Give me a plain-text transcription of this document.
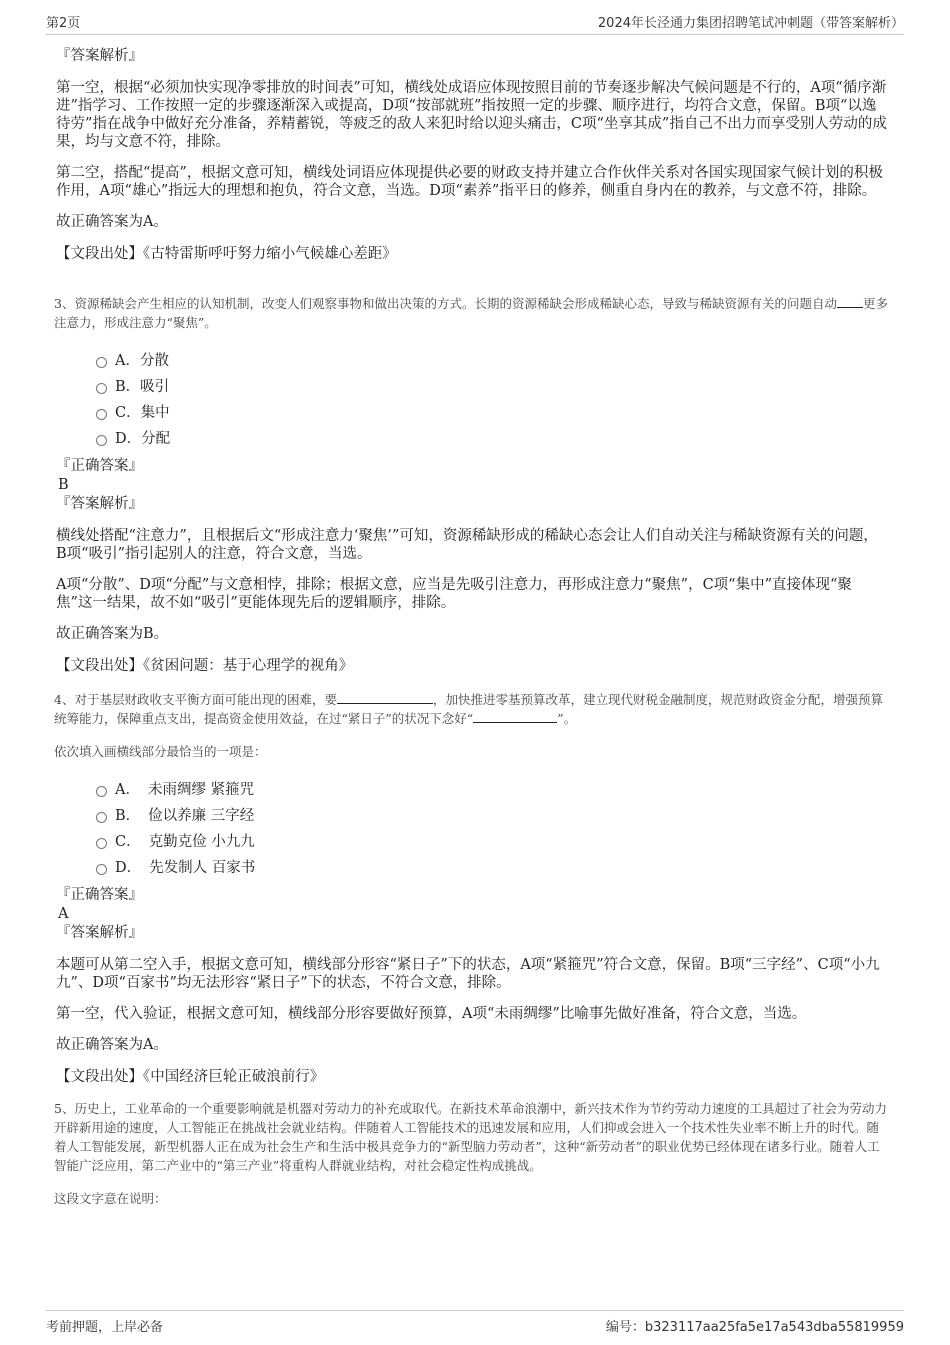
第2页	2024年长泾通力集团招聘笔试冲刺题（带答案解析）

『答案解析』

第一空，根据“必须加快实现净零排放的时间表”可知，横线处成语应体现按照目前的节奏逐步解决气候问题是不行的，A项“循序渐进”指学习、工作按照一定的步骤逐渐深入或提高，D项“按部就班”指按照一定的步骤、顺序进行，均符合文意，保留。B项“以逸待劳”指在战争中做好充分准备，养精蓄锐，等疲乏的敌人来犯时给以迎头痛击，C项“坐享其成”指自己不出力而享受别人劳动的成果，均与文意不符，排除。

第二空，搭配“提高”，根据文意可知，横线处词语应体现提供必要的财政支持并建立合作伙伴关系对各国实现国家气候计划的积极作用，A项“雄心”指远大的理想和抱负，符合文意，当选。D项“素养”指平日的修养，侧重自身内在的教养，与文意不符，排除。

故正确答案为A。

【文段出处】《古特雷斯呼吁努力缩小气候雄心差距》

3、资源稀缺会产生相应的认知机制，改变人们观察事物和做出决策的方式。长期的资源稀缺会形成稀缺心态，导致与稀缺资源有关的问题自动 更多注意力，形成注意力“聚焦”。

A． 分散
B． 吸引
C． 集中
D． 分配

『正确答案』

B

『答案解析』

横线处搭配“注意力”，且根据后文“形成注意力‘聚焦’”可知，资源稀缺形成的稀缺心态会让人们自动关注与稀缺资源有关的问题，B项“吸引”指引起别人的注意，符合文意，当选。

A项“分散”、D项“分配”与文意相悖，排除；根据文意，应当是先吸引注意力，再形成注意力“聚焦”，C项“集中”直接体现“聚焦”这一结果，故不如“吸引”更能体现先后的逻辑顺序，排除。

故正确答案为B。

【文段出处】《贫困问题：基于心理学的视角》

4、对于基层财政收支平衡方面可能出现的困难，要	，加快推进零基预算改革，建立现代财税金融制度，规范财政资金分配，增强预算统筹能力，保障重点支出，提高资金使用效益，在过“紧日子”的状况下念好“	”。

依次填入画横线部分最恰当的一项是：

A． 未雨绸缪 紧箍咒
B． 俭以养廉 三字经
C． 克勤克俭 小九九
D． 先发制人 百家书

『正确答案』

A

『答案解析』

本题可从第二空入手，根据文意可知，横线部分形容“紧日子”下的状态，A项“紧箍咒”符合文意，保留。B项“三字经”、C项“小九九”、D项“百家书”均无法形容“紧日子”下的状态，不符合文意，排除。

第一空，代入验证，根据文意可知，横线部分形容要做好预算，A项“未雨绸缪”比喻事先做好准备，符合文意，当选。

故正确答案为A。

【文段出处】《中国经济巨轮正破浪前行》

5、历史上，工业革命的一个重要影响就是机器对劳动力的补充或取代。在新技术革命浪潮中，新兴技术作为节约劳动力速度的工具超过了社会为劳动力开辟新用途的速度，人工智能正在挑战社会就业结构。伴随着人工智能技术的迅速发展和应用，人们抑或会进入一个技术性失业率不断上升的时代。随着人工智能发展，新型机器人正在成为社会生产和生活中极具竞争力的“新型脑力劳动者”，这种“新劳动者”的职业优势已经体现在诸多行业。随着人工智能广泛应用，第二产业中的“第三产业”将重构人群就业结构，对社会稳定性构成挑战。

这段文字意在说明：

考前押题，上岸必备	编号：b323117aa25fa5e17a543dba55819959
